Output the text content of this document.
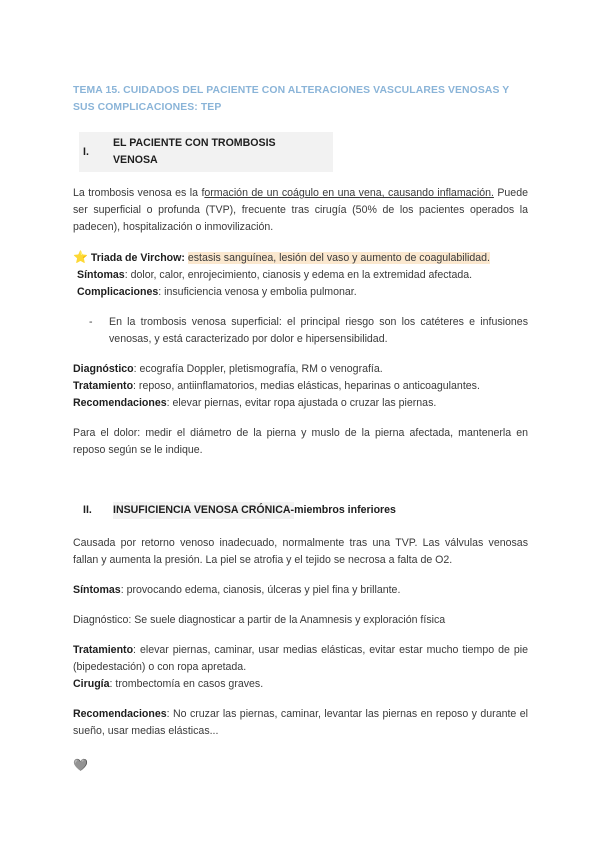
TEMA 15. CUIDADOS DEL PACIENTE CON ALTERACIONES VASCULARES VENOSAS Y SUS COMPLICACIONES: TEP
I.
EL PACIENTE CON TROMBOSIS VENOSA

La trombosis venosa es la formación de un coágulo en una vena, causando inflamación. Puede ser superficial o profunda (TVP), frecuente tras cirugía (50% de los pacientes operados la padecen), hospitalización o inmovilización.

⭐ Triada de Virchow: estasis sanguínea, lesión del vaso y aumento de coagulabilidad.

Síntomas: dolor, calor, enrojecimiento, cianosis y edema en la extremidad afectada.

Complicaciones: insuficiencia venosa y embolia pulmonar.

-	En la trombosis venosa superficial: el principal riesgo son los catéteres e infusiones venosas, y está caracterizado por dolor e hipersensibilidad.

Diagnóstico: ecografía Doppler, pletismografía, RM o venografía.

Tratamiento: reposo, antiinflamatorios, medias elásticas, heparinas o anticoagulantes.

Recomendaciones: elevar piernas, evitar ropa ajustada o cruzar las piernas.

Para el dolor: medir el diámetro de la pierna y muslo de la pierna afectada, mantenerla en reposo según se le indique.

II.	INSUFICIENCIA VENOSA CRÓNICA- miembros inferiores

Causada por retorno venoso inadecuado, normalmente tras una TVP. Las válvulas venosas fallan y aumenta la presión. La piel se atrofia y el tejido se necrosa a falta de O2.

Síntomas: provocando edema, cianosis, úlceras y piel fina y brillante.

Diagnóstico: Se suele diagnosticar a partir de la Anamnesis y exploración física

Tratamiento: elevar piernas, caminar, usar medias elásticas, evitar estar mucho tiempo de pie (bipedestación) o con ropa apretada.

Cirugía: trombectomía en casos graves.

Recomendaciones: No cruzar las piernas, caminar, levantar las piernas en reposo y durante el sueño, usar medias elásticas...

🩶
